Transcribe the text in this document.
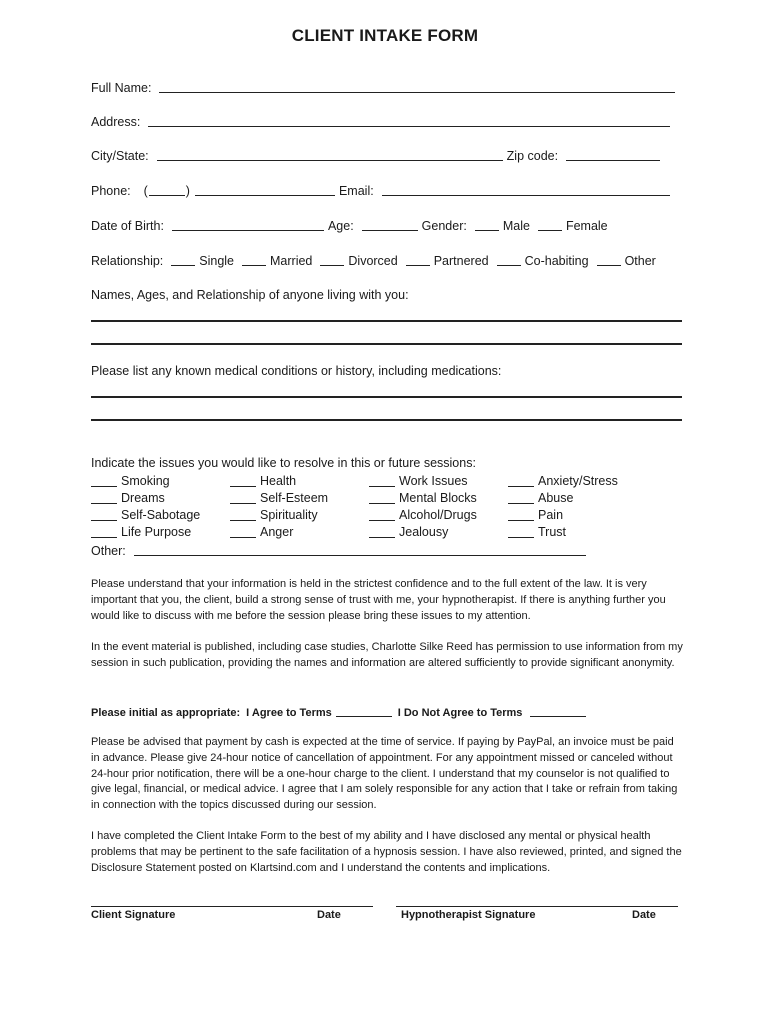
CLIENT INTAKE FORM
Full Name:
Address:
City/State:	Zip code:
Phone:	(	)	Email:
Date of Birth:	Age:	Gender:	Male	Female
Relationship:	Single	Married	Divorced	Partnered	Co-habiting	Other
Names, Ages, and Relationship of anyone living with you:
Please list any known medical conditions or history, including medications:
Indicate the issues you would like to resolve in this or future sessions:
Smoking	Health	Work Issues	Anxiety/Stress
Dreams	Self-Esteem	Mental Blocks	Abuse
Self-Sabotage	Spirituality	Alcohol/Drugs	Pain
Life Purpose	Anger	Jealousy	Trust
Other:
Please understand that your information is held in the strictest confidence and to the full extent of the law. It is very important that you, the client, build a strong sense of trust with me, your hypnotherapist. If there is anything further you would like to discuss with me before the session please bring these issues to my attention.
In the event material is published, including case studies, Charlotte Silke Reed has permission to use information from my session in such publication, providing the names and information are altered sufficiently to provide significant anonymity.
Please initial as appropriate: I Agree to Terms	I Do Not Agree to Terms
Please be advised that payment by cash is expected at the time of service. If paying by PayPal, an invoice must be paid in advance. Please give 24-hour notice of cancellation of appointment. For any appointment missed or canceled without 24-hour prior notification, there will be a one-hour charge to the client. I understand that my counselor is not qualified to give legal, financial, or medical advice. I agree that I am solely responsible for any action that I take or refrain from taking in connection with the topics discussed during our session.
I have completed the Client Intake Form to the best of my ability and I have disclosed any mental or physical health problems that may be pertinent to the safe facilitation of a hypnosis session. I have also reviewed, printed, and signed the Disclosure Statement posted on Klartsind.com and I understand the contents and implications.
Client Signature	Date	Hypnotherapist Signature	Date
